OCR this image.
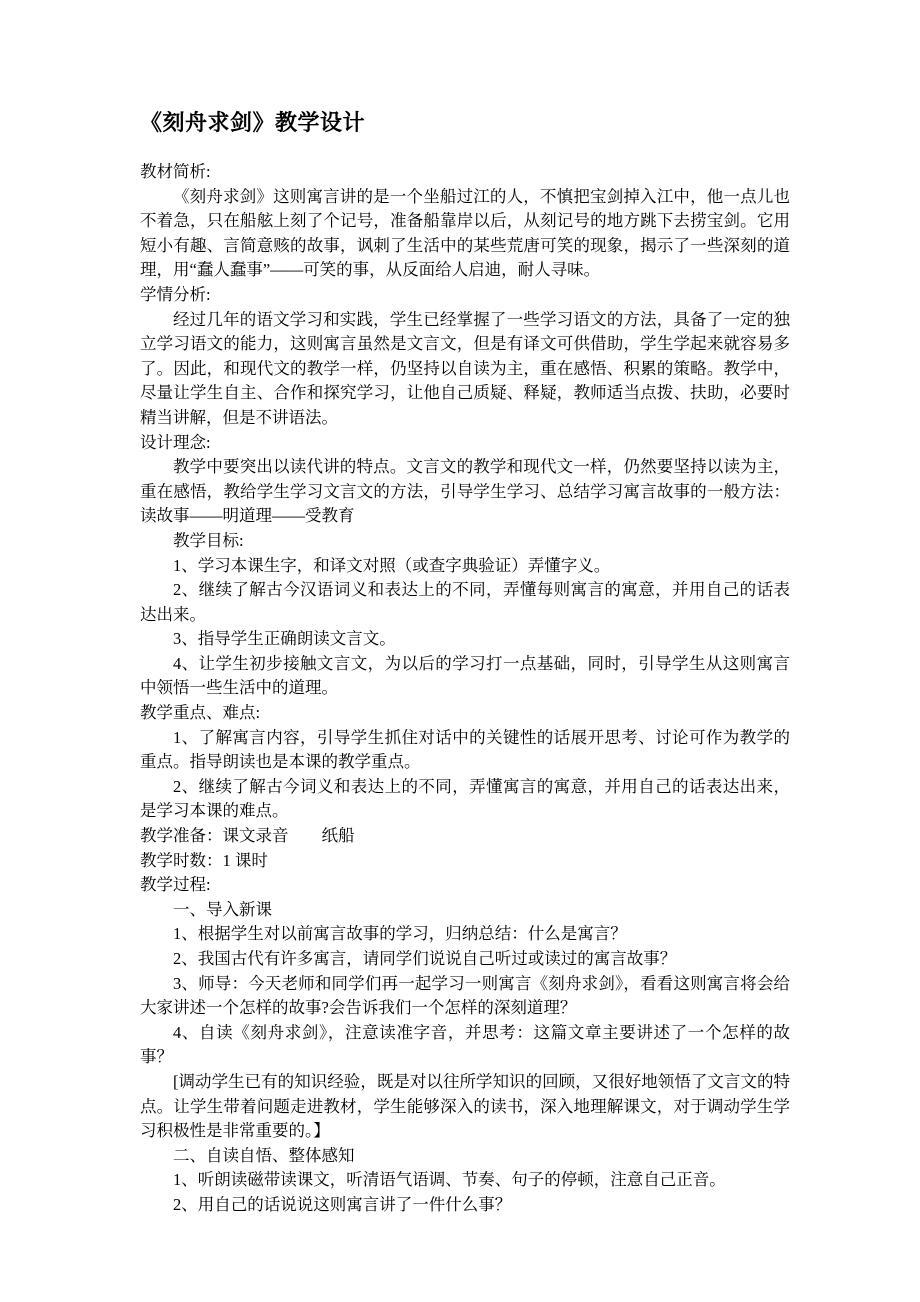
《刻舟求剑》教学设计

教材简析:

《刻舟求剑》这则寓言讲的是一个坐船过江的人，不慎把宝剑掉入江中，他一点儿也不着急，只在船舷上刻了个记号，准备船靠岸以后，从刻记号的地方跳下去捞宝剑。它用短小有趣、言简意赅的故事，讽刺了生活中的某些荒唐可笑的现象，揭示了一些深刻的道理，用“蠢人蠢事”——可笑的事，从反面给人启迪，耐人寻味。

学情分析:

经过几年的语文学习和实践，学生已经掌握了一些学习语文的方法，具备了一定的独立学习语文的能力，这则寓言虽然是文言文，但是有译文可供借助，学生学起来就容易多了。因此，和现代文的教学一样，仍坚持以自读为主，重在感悟、积累的策略。教学中，尽量让学生自主、合作和探究学习，让他自己质疑、释疑，教师适当点拨、扶助，必要时精当讲解，但是不讲语法。

设计理念:

教学中要突出以读代讲的特点。文言文的教学和现代文一样，仍然要坚持以读为主，重在感悟，教给学生学习文言文的方法，引导学生学习、总结学习寓言故事的一般方法：读故事——明道理——受教育

教学目标:

1、学习本课生字，和译文对照（或查字典验证）弄懂字义。

2、继续了解古今汉语词义和表达上的不同，弄懂每则寓言的寓意，并用自己的话表达出来。

3、指导学生正确朗读文言文。

4、让学生初步接触文言文，为以后的学习打一点基础，同时，引导学生从这则寓言中领悟一些生活中的道理。

教学重点、难点:

1、了解寓言内容，引导学生抓住对话中的关键性的话展开思考、讨论可作为教学的重点。指导朗读也是本课的教学重点。

2、继续了解古今词义和表达上的不同，弄懂寓言的寓意，并用自己的话表达出来，是学习本课的难点。

教学准备：课文录音　　纸船

教学时数：1 课时

教学过程:

一、导入新课

1、根据学生对以前寓言故事的学习，归纳总结：什么是寓言？

2、我国古代有许多寓言，请同学们说说自己听过或读过的寓言故事？

3、师导：今天老师和同学们再一起学习一则寓言《刻舟求剑》，看看这则寓言将会给大家讲述一个怎样的故事?会告诉我们一个怎样的深刻道理？

4、自读《刻舟求剑》，注意读准字音，并思考：这篇文章主要讲述了一个怎样的故事？

[调动学生已有的知识经验，既是对以往所学知识的回顾，又很好地领悟了文言文的特点。让学生带着问题走进教材，学生能够深入的读书，深入地理解课文，对于调动学生学习积极性是非常重要的。】

二、自读自悟、整体感知

1、听朗读磁带读课文，听清语气语调、节奏、句子的停顿，注意自己正音。

2、用自己的话说说这则寓言讲了一件什么事？
